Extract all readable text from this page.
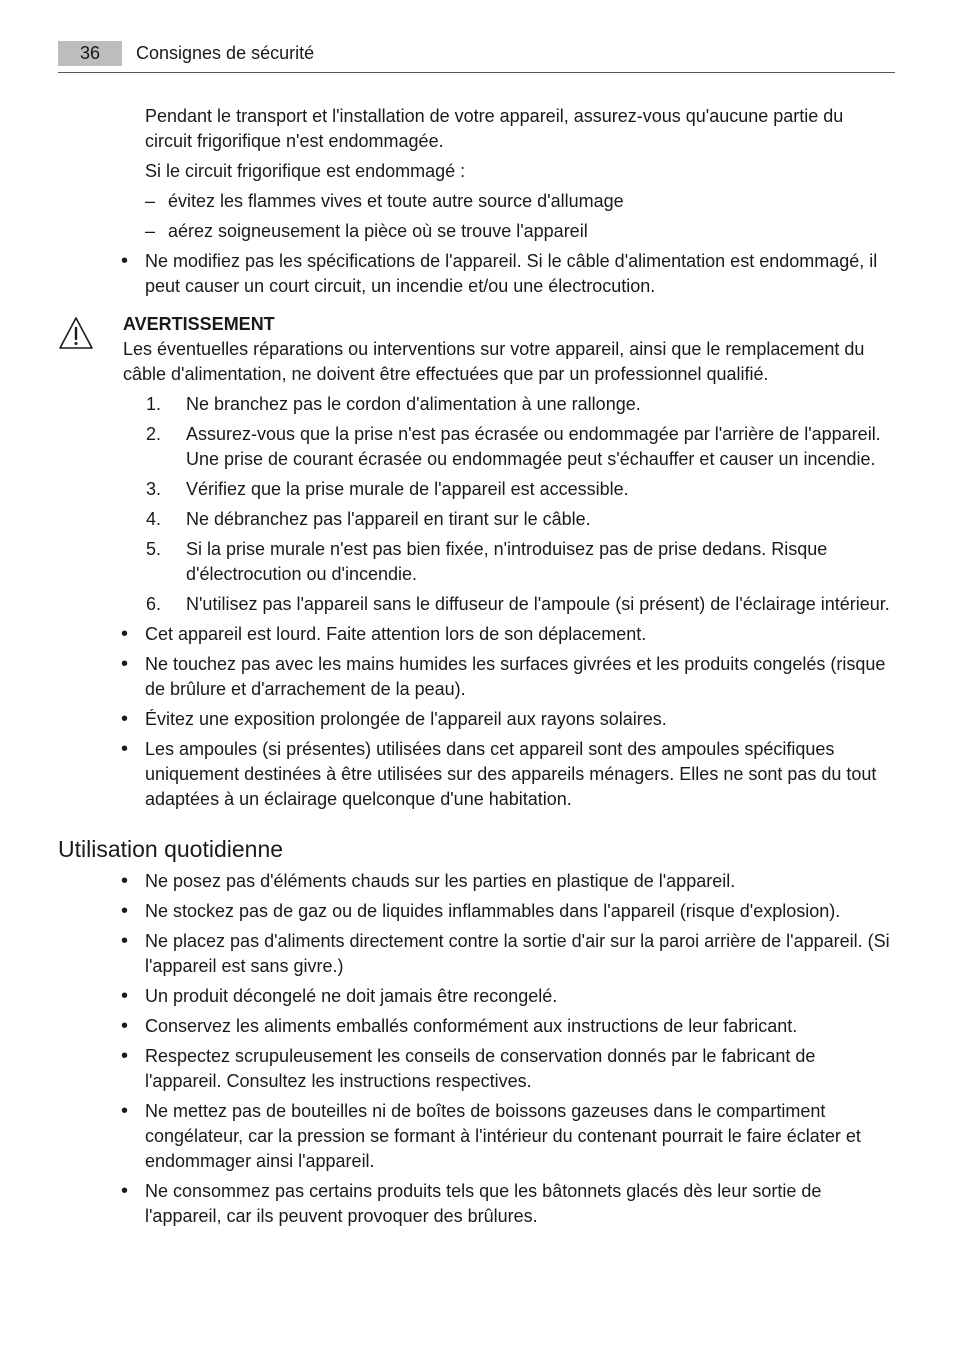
36	Consignes de sécurité

Pendant le transport et l'installation de votre appareil, assurez-vous qu'aucune partie du circuit frigorifique n'est endommagée.

Si le circuit frigorifique est endommagé :

– évitez les flammes vives et toute autre source d'allumage
– aérez soigneusement la pièce où se trouve l'appareil
• Ne modifiez pas les spécifications de l'appareil. Si le câble d'alimentation est endommagé, il peut causer un court circuit, un incendie et/ou une électrocution.
AVERTISSEMENT

Les éventuelles réparations ou interventions sur votre appareil, ainsi que le remplacement du câble d'alimentation, ne doivent être effectuées que par un professionnel qualifié.

1. Ne branchez pas le cordon d'alimentation à une rallonge.
2. Assurez-vous que la prise n'est pas écrasée ou endommagée par l'arrière de l'appareil. Une prise de courant écrasée ou endommagée peut s'échauffer et causer un incendie.
3. Vérifiez que la prise murale de l'appareil est accessible.
4. Ne débranchez pas l'appareil en tirant sur le câble.
5. Si la prise murale n'est pas bien fixée, n'introduisez pas de prise dedans. Risque d'électrocution ou d'incendie.
6. N'utilisez pas l'appareil sans le diffuseur de l'ampoule (si présent) de l'éclairage intérieur.
• Cet appareil est lourd. Faite attention lors de son déplacement.
• Ne touchez pas avec les mains humides les surfaces givrées et les produits congelés (risque de brûlure et d'arrachement de la peau).
• Évitez une exposition prolongée de l'appareil aux rayons solaires.
• Les ampoules (si présentes) utilisées dans cet appareil sont des ampoules spécifiques uniquement destinées à être utilisées sur des appareils ménagers. Elles ne sont pas du tout adaptées à un éclairage quelconque d'une habitation.
Utilisation quotidienne
• Ne posez pas d'éléments chauds sur les parties en plastique de l'appareil.
• Ne stockez pas de gaz ou de liquides inflammables dans l'appareil (risque d'explosion).
• Ne placez pas d'aliments directement contre la sortie d'air sur la paroi arrière de l'appareil. (Si l'appareil est sans givre.)
• Un produit décongelé ne doit jamais être recongelé.
• Conservez les aliments emballés conformément aux instructions de leur fabricant.
• Respectez scrupuleusement les conseils de conservation donnés par le fabricant de l'appareil. Consultez les instructions respectives.
• Ne mettez pas de bouteilles ni de boîtes de boissons gazeuses dans le compartiment congélateur, car la pression se formant à l'intérieur du contenant pourrait le faire éclater et endommager ainsi l'appareil.
• Ne consommez pas certains produits tels que les bâtonnets glacés dès leur sortie de l'appareil, car ils peuvent provoquer des brûlures.
